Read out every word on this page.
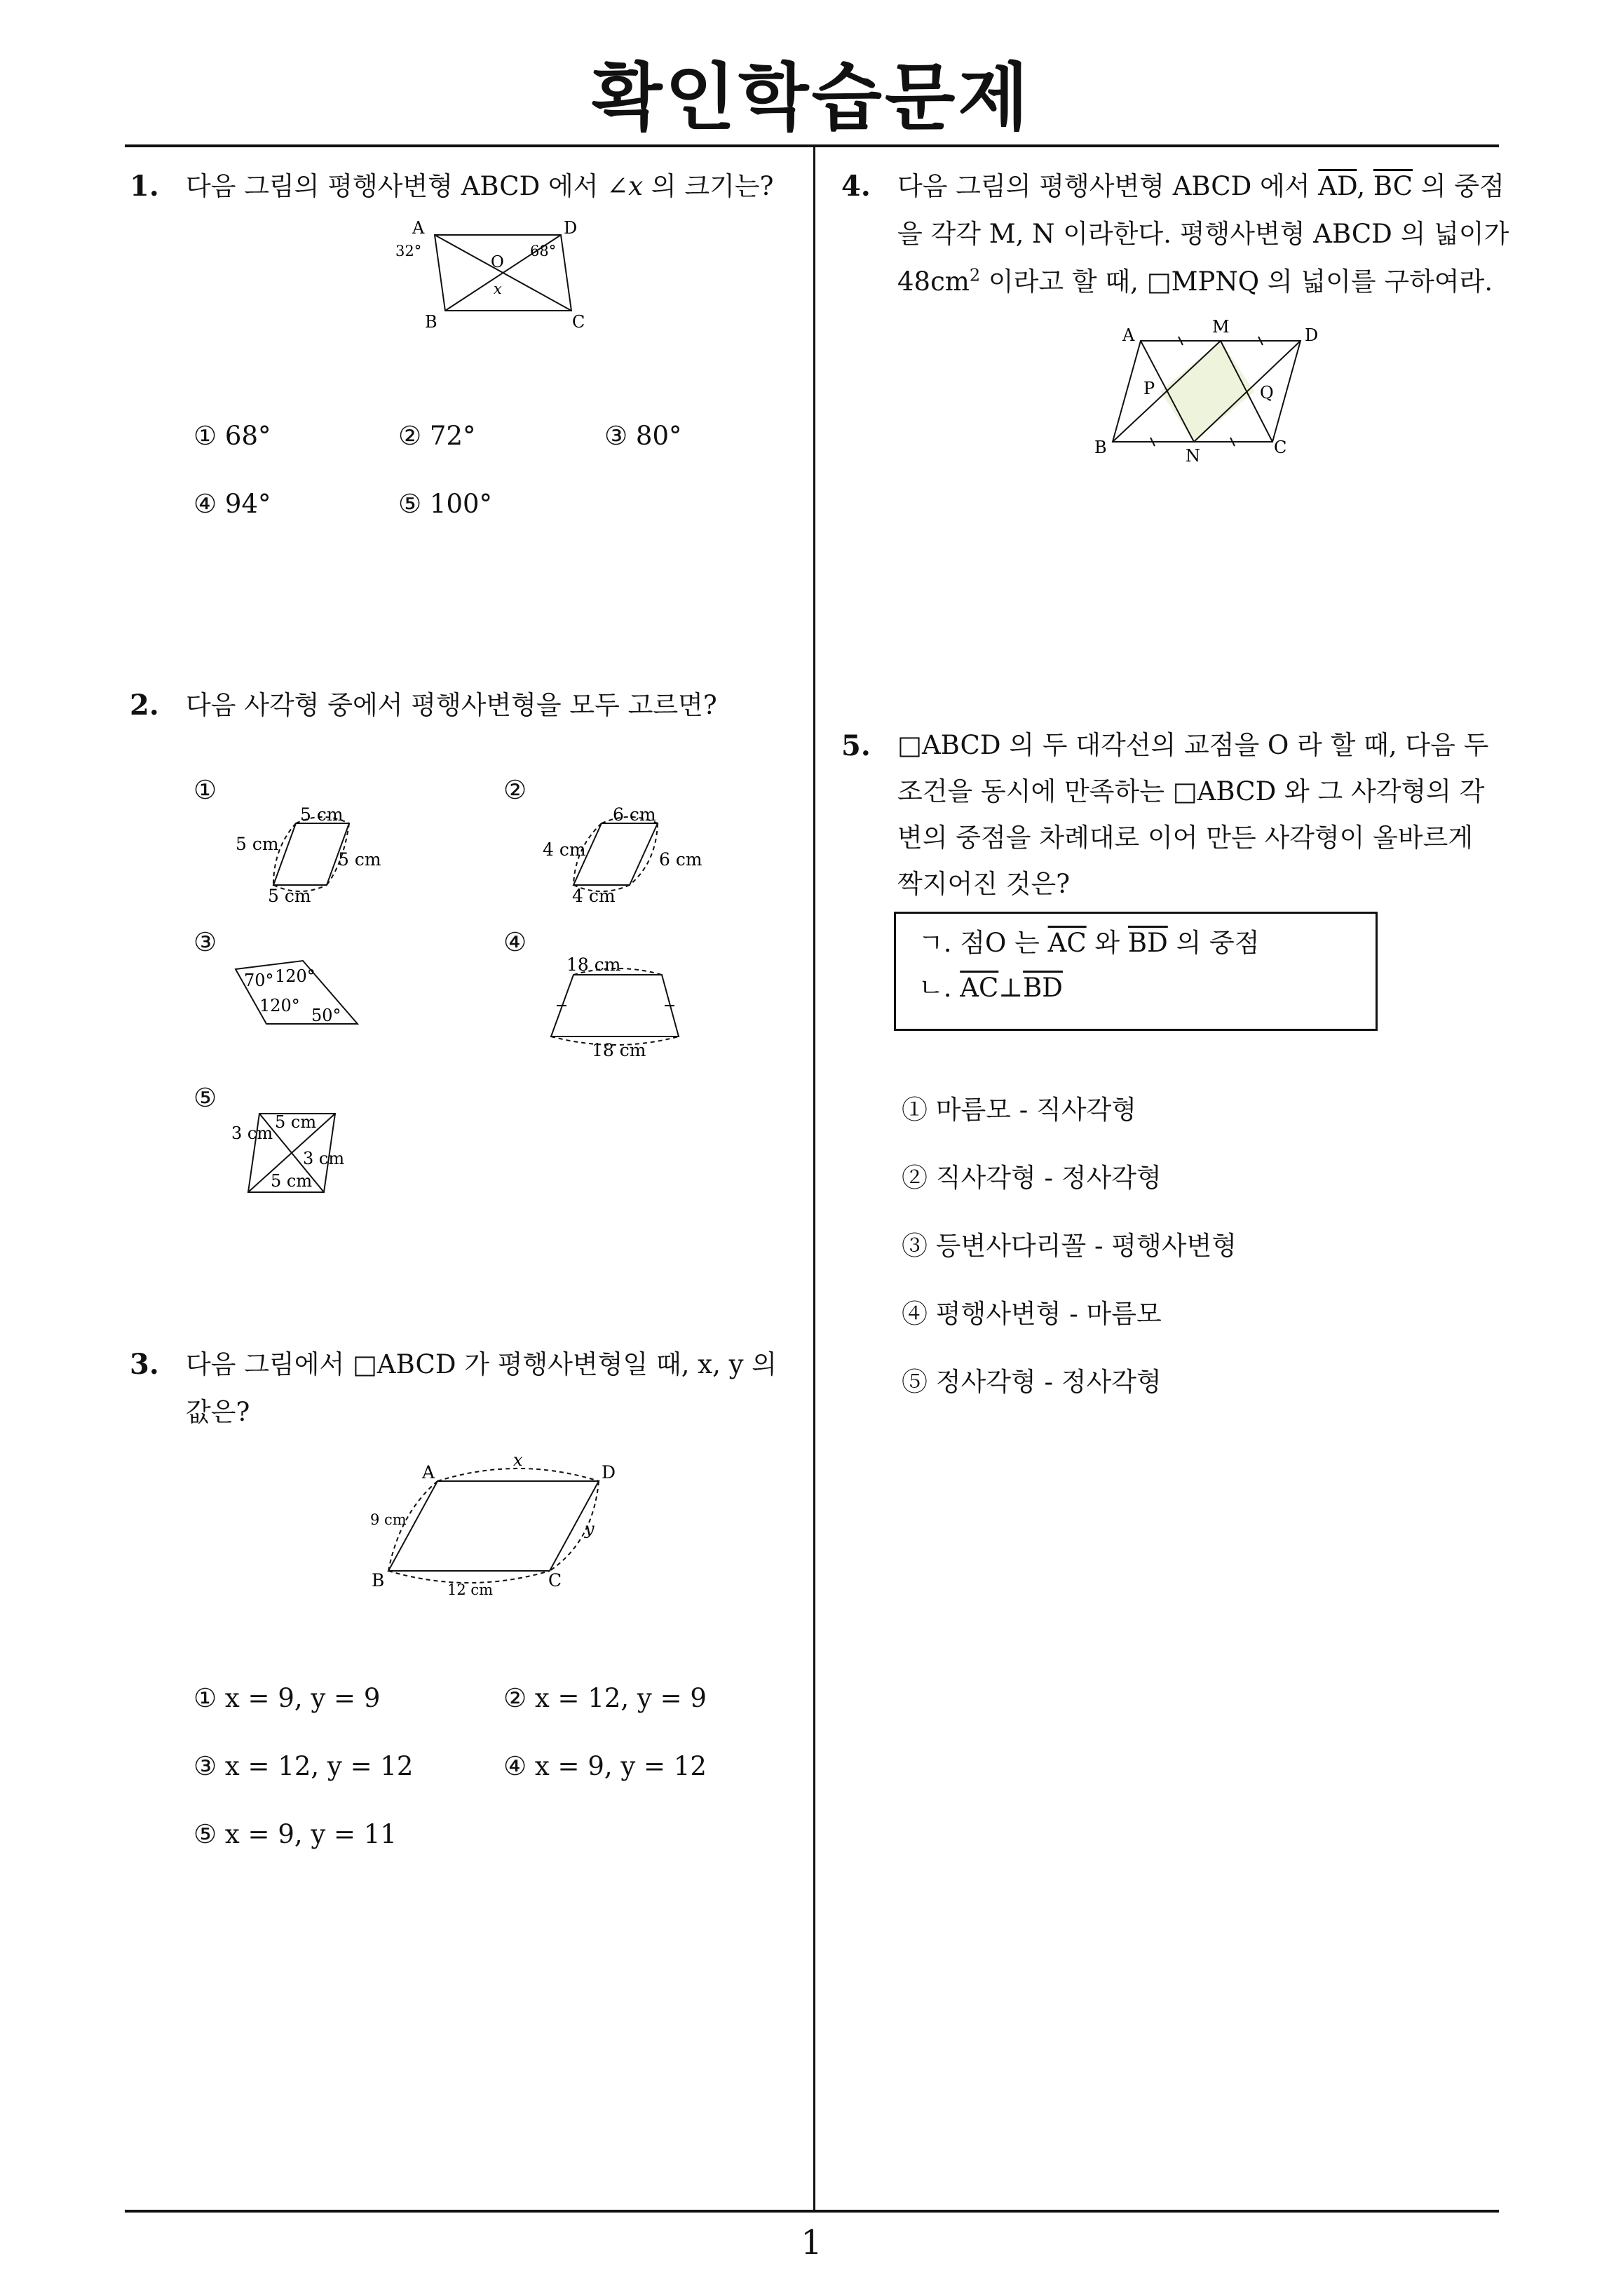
확인학습문제
1
1. 다음 그림의 평행사변형 ABCD 에서 ∠x 의 크기는?
A	D
B	C
32°	68°
O
x
① 68°	② 72°	③ 80°
④ 94°	⑤ 100°
2. 다음 사각형 중에서 평행사변형을 모두 고르면?
①	②
③	④
⑤
5 cm
5 cm
5 cm
5 cm
6 cm
4 cm	6 cm
4 cm
70° 120°
120° 50°
18 cm
18 cm
5 cm
3 cm
3 cm
5 cm
3. 다음 그림에서 □ABCD 가 평행사변형일 때, x, y 의
값은?
A	D
B	C
x
y
9 cm
12 cm
① x = 9, y = 9	② x = 12, y = 9
③ x = 12, y = 12	④ x = 9, y = 12
⑤ x = 9, y = 11
4. 다음 그림의 평행사변형 ABCD 에서 $\overline{AD}$, $\overline{BC}$ 의 중점
을 각각 M, N 이라한다. 평행사변형 ABCD 의 넓이가
$48cm^2$ 이라고 할 때, □MPNQ 의 넓이를 구하여라.
A	D
B	C
M
N
P	Q
5. □ABCD 의 두 대각선의 교점을 O 라 할 때, 다음 두
조건을 동시에 만족하는 □ABCD 와 그 사각형의 각
변의 중점을 차례대로 이어 만든 사각형이 올바르게
짝지어진 것은?
ㄱ. 점O 는 $\overline{AC}$ 와 $\overline{BD}$ 의 중점
ㄴ. $\overline{AC}\perp\overline{BD}$
① 마름모 - 직사각형
② 직사각형 - 정사각형
③ 등변사다리꼴 - 평행사변형
④ 평행사변형 - 마름모
⑤ 정사각형 - 정사각형
